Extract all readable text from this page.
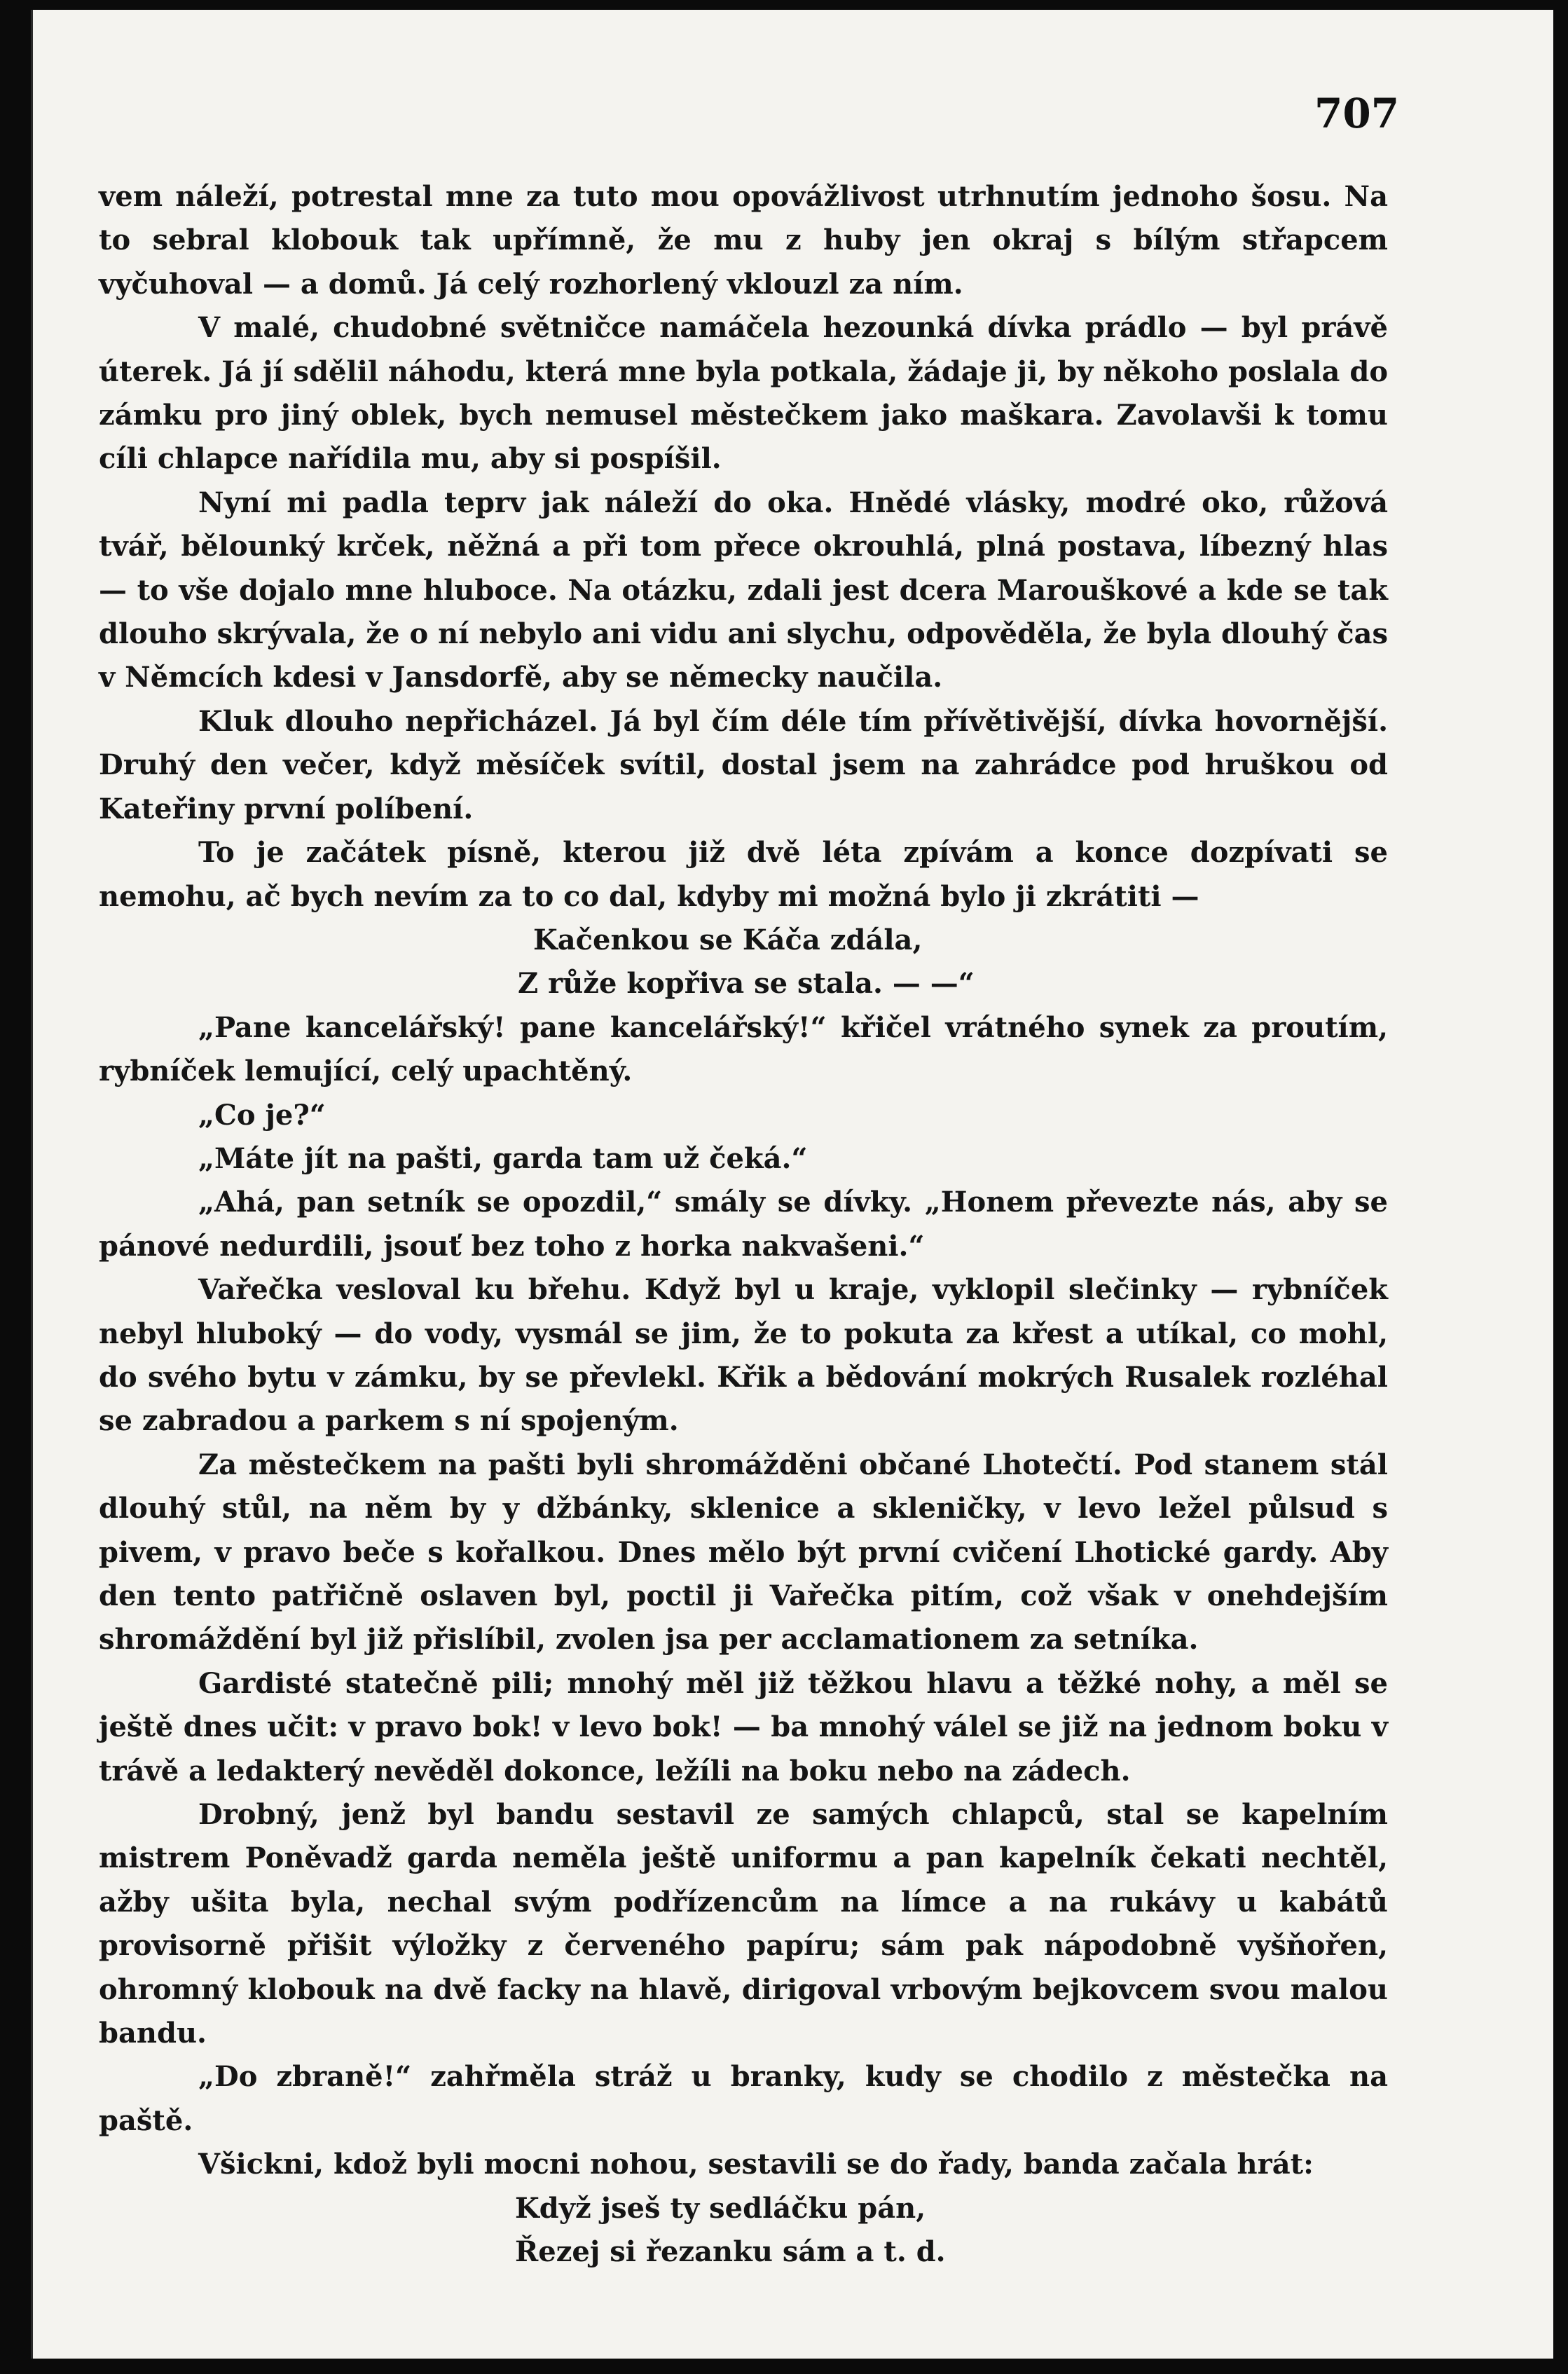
707

vem náleží, potrestal mne za tuto mou opovážlivost utrhnutím jednoho šosu. Na to sebral klobouk tak upřímně, že mu z huby jen okraj s bílým střapcem vyčuhoval — a domů. Já celý rozhorlený vklouzl za ním.

V malé, chudobné světničce namáčela hezounká dívka prádlo — byl právě úterek. Já jí sdělil náhodu, která mne byla potkala, žádaje ji, by někoho poslala do zámku pro jiný oblek, bych nemusel městečkem jako maškara. Zavolavši k tomu cíli chlapce nařídila mu, aby si pospíšil.

Nyní mi padla teprv jak náleží do oka. Hnědé vlásky, modré oko, růžová tvář, bělounký krček, něžná a při tom přece okrouhlá, plná postava, líbezný hlas — to vše dojalo mne hluboce. Na otázku, zdali jest dcera Marouškové a kde se tak dlouho skrývala, že o ní nebylo ani vidu ani slychu, odpověděla, že byla dlouhý čas v Němcích kdesi v Jansdorfě, aby se německy naučila.

Kluk dlouho nepřicházel. Já byl čím déle tím přívětivější, dívka hovornější. Druhý den večer, když měsíček svítil, dostal jsem na zahrádce pod hruškou od Kateřiny první políbení.

To je začátek písně, kterou již dvě léta zpívám a konce dozpívati se nemohu, ač bych nevím za to co dal, kdyby mi možná bylo ji zkrátiti —

Kačenkou se Káča zdála,

Z růže kopřiva se stala. — —“

„Pane kancelářský! pane kancelářský!“ křičel vrátného synek za proutím, rybníček lemující, celý upachtěný.

„Co je?“

„Máte jít na pašti, garda tam už čeká.“

„Ahá, pan setník se opozdil,“ smály se dívky. „Honem převezte nás, aby se pánové nedurdili, jsouť bez toho z horka nakvašeni.“

Vařečka vesloval ku břehu. Když byl u kraje, vyklopil slečinky — rybníček nebyl hluboký — do vody, vysmál se jim, že to pokuta za křest a utíkal, co mohl, do svého bytu v zámku, by se převlekl. Křik a bědování mokrých Rusalek rozléhal se zabradou a parkem s ní spojeným.

Za městečkem na pašti byli shromážděni občané Lhotečtí. Pod stanem stál dlouhý stůl, na něm by y džbánky, sklenice a skleničky, v levo ležel půlsud s pivem, v pravo beče s kořalkou. Dnes mělo být první cvičení Lhotické gardy. Aby den tento patřičně oslaven byl, poctil ji Vařečka pitím, což však v onehdejším shromáždění byl již přislíbil, zvolen jsa per acclamationem za setníka.

Gardisté statečně pili; mnohý měl již těžkou hlavu a těžké nohy, a měl se ještě dnes učit: v pravo bok! v levo bok! — ba mnohý válel se již na jednom boku v trávě a ledakterý nevěděl dokonce, ležíli na boku nebo na zádech.

Drobný, jenž byl bandu sestavil ze samých chlapců, stal se kapelním mistrem Poněvadž garda neměla ještě uniformu a pan kapelník čekati nechtěl, ažby ušita byla, nechal svým podřízencům na límce a na rukávy u kabátů provisorně přišit výložky z červeného papíru; sám pak nápodobně vyšňořen, ohromný klobouk na dvě facky na hlavě, dirigoval vrbovým bejkovcem svou malou bandu.

„Do zbraně!“ zahřměla stráž u branky, kudy se chodilo z městečka na paště.

Všickni, kdož byli mocni nohou, sestavili se do řady, banda začala hrát:

Když jseš ty sedláčku pán,

Řezej si řezanku sám a t. d.
